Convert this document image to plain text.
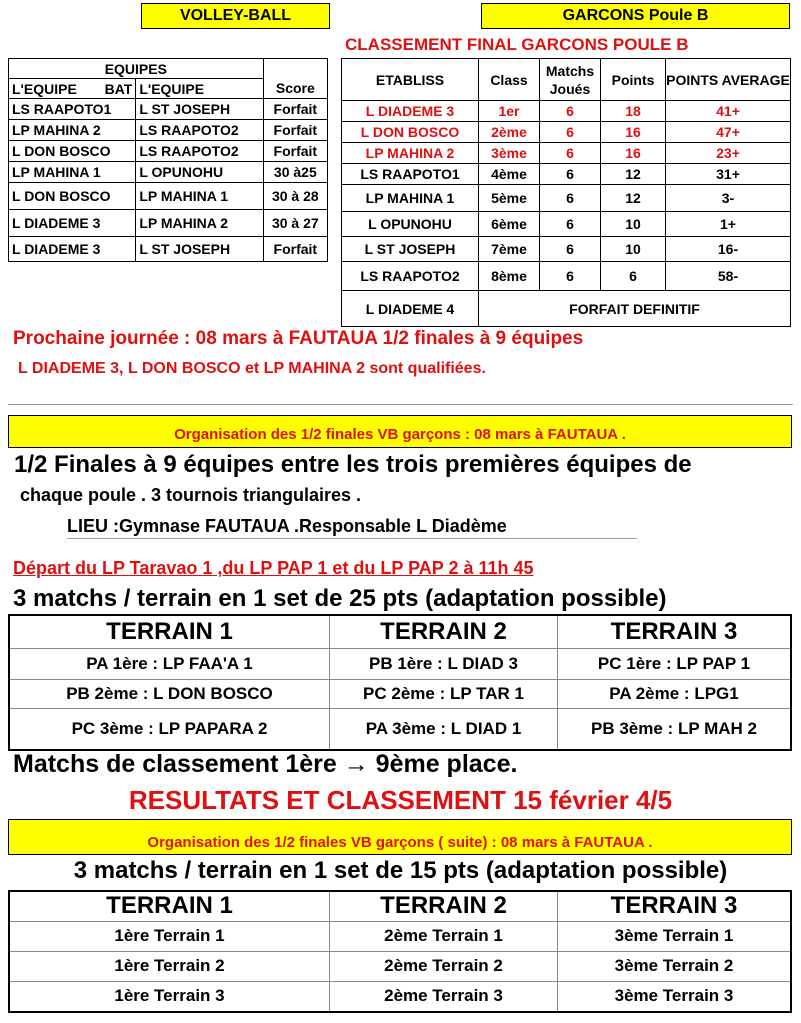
VOLLEY-BALL	GARCONS Poule B
CLASSEMENT FINAL GARCONS POULE B
EQUIPES		
L'EQUIPE BAT	L'EQUIPE	Score
LS RAAPOTO1	L ST JOSEPH	Forfait
LP MAHINA 2	LS RAAPOTO2	Forfait
L DON BOSCO	LS RAAPOTO2	Forfait
LP MAHINA 1	L OPUNOHU	30 à25
L DON BOSCO	LP MAHINA 1	30 à 28
L DIADEME 3	LP MAHINA 2	30 à 27
L DIADEME 3	L ST JOSEPH	Forfait
ETABLISS	Class	Matchs Joués	Points	POINTS AVERAGE
L DIADEME 3	1er	6	18	41+
L DON BOSCO	2ème	6	16	47+
LP MAHINA 2	3ème	6	16	23+
LS RAAPOTO1	4ème	6	12	31+
LP MAHINA 1	5ème	6	12	3-
L OPUNOHU	6ème	6	10	1+
L ST JOSEPH	7ème	6	10	16-
LS RAAPOTO2	8ème	6	6	58-
L DIADEME 4	FORFAIT DEFINITIF			
Prochaine journée : 08 mars à FAUTAUA 1/2 finales à 9 équipes
L DIADEME 3, L DON BOSCO et LP MAHINA 2 sont qualifiées.
Organisation des 1/2 finales VB garçons : 08 mars à FAUTAUA .
1/2 Finales à 9 équipes entre les trois premières équipes de
chaque poule . 3 tournois triangulaires .
LIEU :Gymnase FAUTAUA .Responsable L Diadème
Départ du LP Taravao 1 ,du LP PAP 1 et du LP PAP 2 à 11h 45
3 matchs / terrain en 1 set de 25 pts (adaptation possible)
TERRAIN 1	TERRAIN 2	TERRAIN 3
PA 1ère : LP FAA'A 1	PB 1ère : L DIAD 3	PC 1ère : LP PAP 1
PB 2ème : L DON BOSCO	PC 2ème : LP TAR 1	PA 2ème : LPG1
PC 3ème : LP PAPARA 2	PA 3ème : L DIAD 1	PB 3ème : LP MAH 2
Matchs de classement 1ère → 9ème place.
RESULTATS ET CLASSEMENT 15 février 4/5
Organisation des 1/2 finales VB garçons ( suite) : 08 mars à FAUTAUA .
3 matchs / terrain en 1 set de 15 pts (adaptation possible)
TERRAIN 1	TERRAIN 2	TERRAIN 3
1ère Terrain 1	2ème Terrain 1	3ème Terrain 1
1ère Terrain 2	2ème Terrain 2	3ème Terrain 2
1ère Terrain 3	2ème Terrain 3	3ème Terrain 3
